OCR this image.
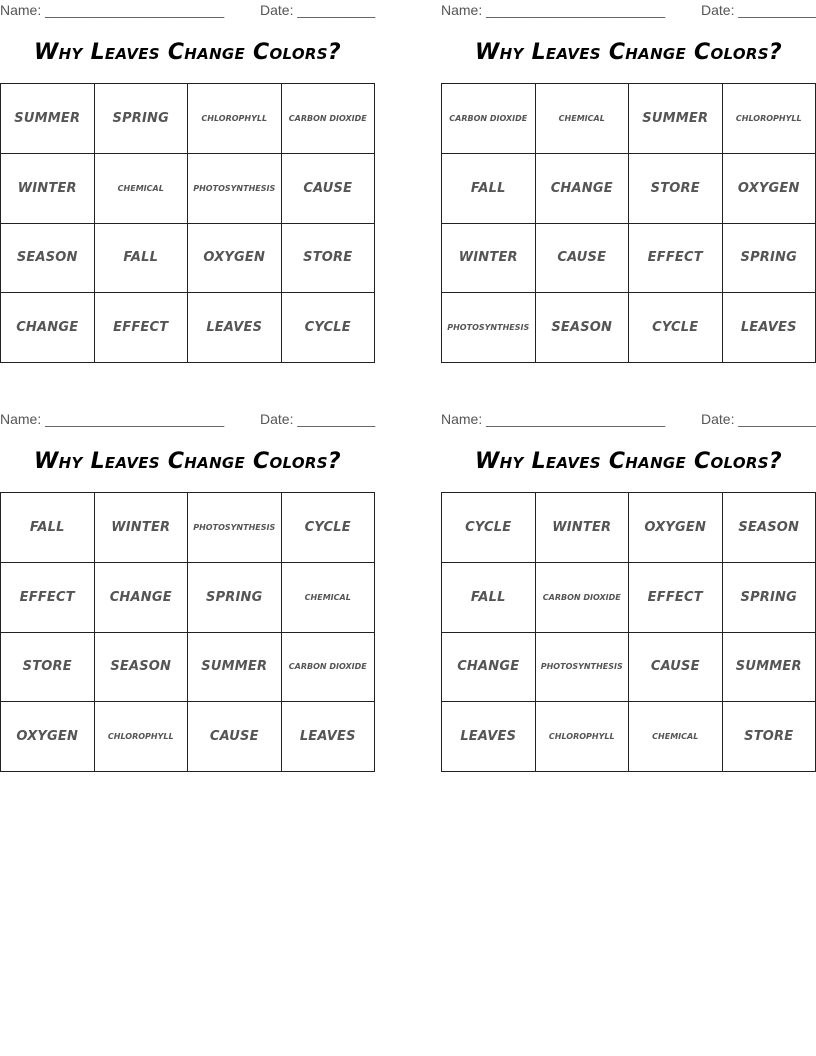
Name: _______________________	Date: __________
Why Leaves Change Colors?
SUMMER	SPRING	CHLOROPHYLL	CARBON DIOXIDE
WINTER	CHEMICAL	PHOTOSYNTHESIS	CAUSE
SEASON	FALL	OXYGEN	STORE
CHANGE	EFFECT	LEAVES	CYCLE
Name: _______________________	Date: __________
Why Leaves Change Colors?
CARBON DIOXIDE	CHEMICAL	SUMMER	CHLOROPHYLL
FALL	CHANGE	STORE	OXYGEN
WINTER	CAUSE	EFFECT	SPRING
PHOTOSYNTHESIS	SEASON	CYCLE	LEAVES
Name: _______________________	Date: __________
Why Leaves Change Colors?
FALL	WINTER	PHOTOSYNTHESIS	CYCLE
EFFECT	CHANGE	SPRING	CHEMICAL
STORE	SEASON	SUMMER	CARBON DIOXIDE
OXYGEN	CHLOROPHYLL	CAUSE	LEAVES
Name: _______________________	Date: __________
Why Leaves Change Colors?
CYCLE	WINTER	OXYGEN	SEASON
FALL	CARBON DIOXIDE	EFFECT	SPRING
CHANGE	PHOTOSYNTHESIS	CAUSE	SUMMER
LEAVES	CHLOROPHYLL	CHEMICAL	STORE
